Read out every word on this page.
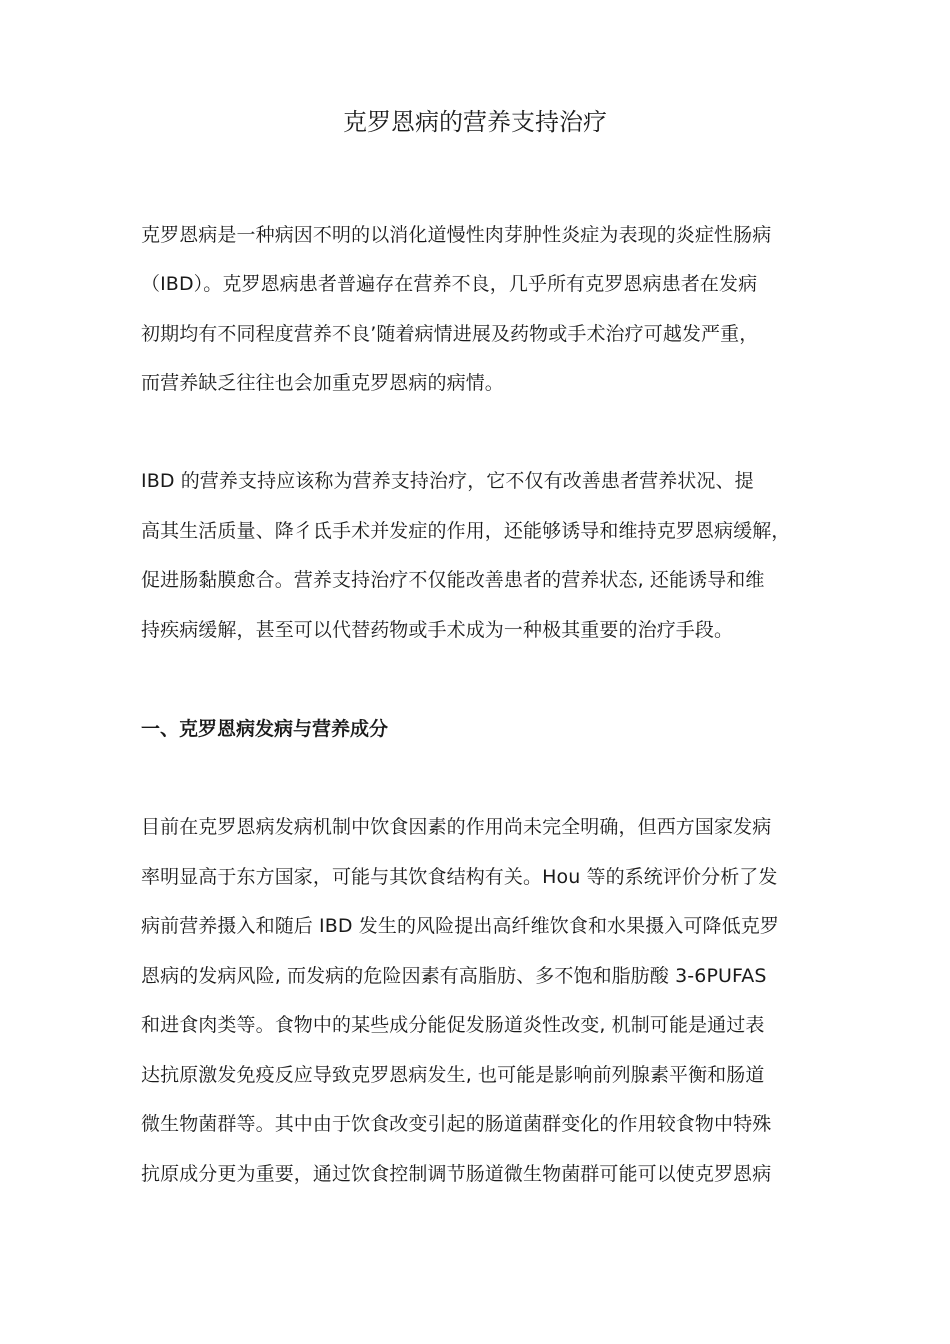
克罗恩病的营养支持治疗
克罗恩病是一种病因不明的以消化道慢性肉芽肿性炎症为表现的炎症性肠病
（IBD）。克罗恩病患者普遍存在营养不良，几乎所有克罗恩病患者在发病
初期均有不同程度营养不良’随着病情进展及药物或手术治疗可越发严重，
而营养缺乏往往也会加重克罗恩病的病情。
IBD 的营养支持应该称为营养支持治疗，它不仅有改善患者营养状况、提
高其生活质量、降彳氐手术并发症的作用，还能够诱导和维持克罗恩病缓解，
促进肠黏膜愈合。营养支持治疗不仅能改善患者的营养状态, 还能诱导和维
持疾病缓解，甚至可以代替药物或手术成为一种极其重要的治疗手段。
一、克罗恩病发病与营养成分
目前在克罗恩病发病机制中饮食因素的作用尚未完全明确，但西方国家发病
率明显高于东方国家，可能与其饮食结构有关。Hou 等的系统评价分析了发
病前营养摄入和随后 IBD 发生的风险提出高纤维饮食和水果摄入可降低克罗
恩病的发病风险, 而发病的危险因素有高脂肪、多不饱和脂肪酸 3-6PUFAS
和进食肉类等。食物中的某些成分能促发肠道炎性改变, 机制可能是通过表
达抗原激发免疫反应导致克罗恩病发生, 也可能是影响前列腺素平衡和肠道
微生物菌群等。其中由于饮食改变引起的肠道菌群变化的作用较食物中特殊
抗原成分更为重要，通过饮食控制调节肠道微生物菌群可能可以使克罗恩病
